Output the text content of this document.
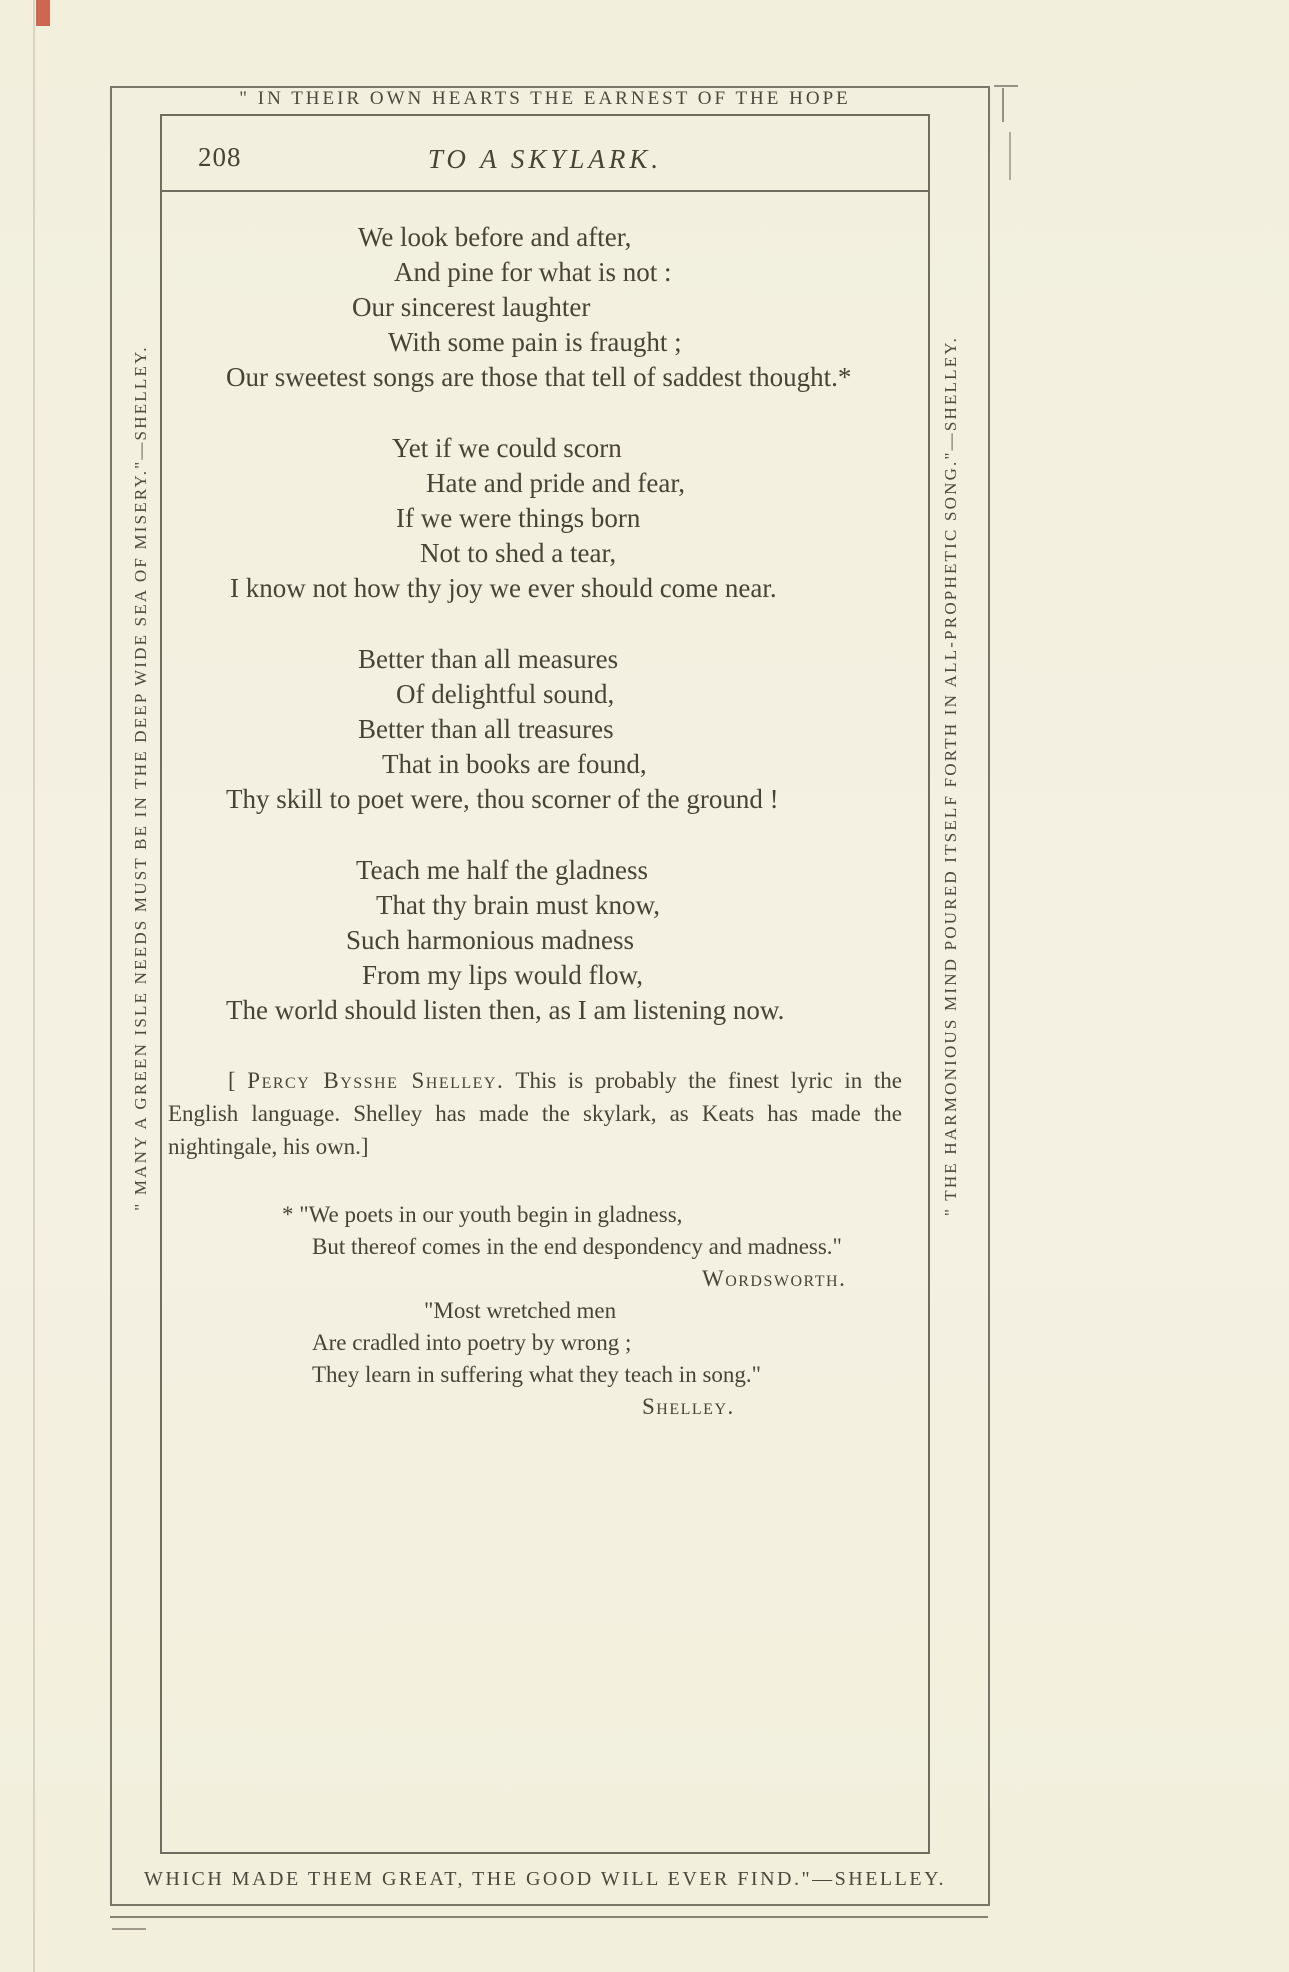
" IN THEIR OWN HEARTS THE EARNEST OF THE HOPE
WHICH MADE THEM GREAT, THE GOOD WILL EVER FIND."—SHELLEY.
" MANY A GREEN ISLE NEEDS MUST BE IN THE DEEP WIDE SEA OF MISERY."—SHELLEY.	" THE HARMONIOUS MIND POURED ITSELF FORTH IN ALL-PROPHETIC SONG."—SHELLEY.
208	TO A SKYLARK.
We look before and after,
And pine for what is not :
Our sincerest laughter
With some pain is fraught ;
Our sweetest songs are those that tell of saddest thought.*
Yet if we could scorn
Hate and pride and fear,
If we were things born
Not to shed a tear,
I know not how thy joy we ever should come near.
Better than all measures
Of delightful sound,
Better than all treasures
That in books are found,
Thy skill to poet were, thou scorner of the ground !
Teach me half the gladness
That thy brain must know,
Such harmonious madness
From my lips would flow,
The world should listen then, as I am listening now.

[ Percy Bysshe Shelley. This is probably the finest lyric in the English language. Shelley has made the skylark, as Keats has made the nightingale, his own.]

* "We poets in our youth begin in gladness,
But thereof comes in the end despondency and madness."
Wordsworth.
"Most wretched men
Are cradled into poetry by wrong ;
They learn in suffering what they teach in song."
Shelley.
